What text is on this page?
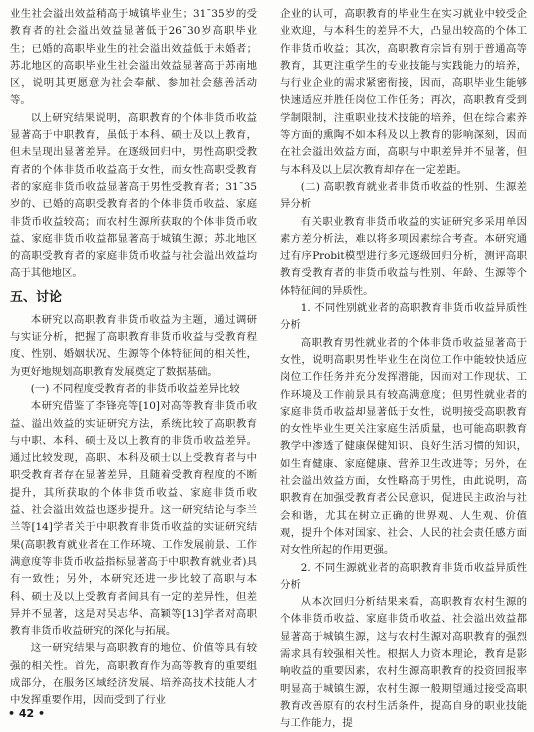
业生社会溢出效益稍高于城镇毕业生；31¯35岁的受教育者的社会溢出效益显著低于26¯30岁高职毕业生；已婚的高职毕业生的社会溢出效益低于未婚者；苏北地区的高职毕业生社会溢出效益显著高于苏南地区，说明其更愿意为社会奉献、参加社会慈善活动等。

以上研究结果说明，高职教育的个体非货币收益显著高于中职教育，虽低于本科、硕士及以上教育，但未呈现出显著差异。在逐级回归中，男性高职受教育者的个体非货币收益高于女性，而女性高职受教育者的家庭非货币收益显著高于男性受教育者；31¯35岁的、已婚的高职受教育者的个体非货币收益、家庭非货币收益较高；而农村生源所获取的个体非货币收益、家庭非货币收益都显著高于城镇生源；苏北地区的高职受教育者的家庭非货币收益与社会溢出效益均高于其他地区。

五、讨论

本研究以高职教育非货币收益为主题，通过调研与实证分析，把握了高职教育非货币收益与受教育程度、性别、婚姻状况、生源等个体特征间的相关性，为更好地规划高职教育发展奠定了数据基础。

(一) 不同程度受教育者的非货币收益差异比较

本研究借鉴了李锋亮等[10]对高等教育非货币收益、溢出效益的实证研究方法，系统比较了高职教育与中职、本科、硕士及以上教育的非货币收益差异。通过比较发现，高职、本科及硕士以上受教育者与中职受教育者存在显著差异，且随着受教育程度的不断提升，其所获取的个体非货币收益、家庭非货币收益、社会溢出效益也逐步提升。这一研究结论与李兰兰等[14]学者关于中职教育非货币收益的实证研究结果(高职教育就业者在工作环境、工作发展前景、工作满意度等非货币收益指标显著高于中职教育就业者)具有一致性；另外，本研究还进一步比较了高职与本科、硕士及以上受教育者间具有一定的差异性，但差异并不显著，这是对吴志华、高颖等[13]学者对高职教育非货币收益研究的深化与拓展。

这一研究结果与高职教育的地位、价值等具有较强的相关性。首先，高职教育作为高等教育的重要组成部分，在服务区域经济发展、培养高技术技能人才中发挥重要作用，因而受到了行业

企业的认可，高职教育的毕业生在实习就业中较受企业欢迎，与本科生的差异不大，凸显出较高的个体工作非货币收益；其次，高职教育宗旨有别于普通高等教育，其更注重学生的专业技能与实践能力的培养，与行业企业的需求紧密衔接，因而，高职毕业生能够快速适应并胜任岗位工作任务；再次，高职教育受到学制限制，注重职业技术技能的培养，但在综合素养等方面的熏陶不如本科及以上教育的影响深刻，因而在社会溢出效益方面，高职与中职差异并不显著，但与本科及以上层次教育却存在一定差距。

(二) 高职教育就业者非货币收益的性别、生源差异分析

有关职业教育非货币收益的实证研究多采用单因素方差分析法，难以将多项因素综合考查。本研究通过有序Probit模型进行多元逐级回归分析，测评高职教育受教育者的非货币收益与性别、年龄、生源等个体特征间的异质性。

1. 不同性别就业者的高职教育非货币收益异质性分析

高职教育男性就业者的个体非货币收益显著高于女性，说明高职男性毕业生在岗位工作中能较快适应岗位工作任务并充分发挥潜能，因而对工作现状、工作环境及工作前景具有较高满意度；但男性就业者的家庭非货币收益却显著低于女性，说明接受高职教育的女性毕业生更关注家庭生活质量，也可能高职教育教学中渗透了健康保健知识、良好生活习惯的知识，如生育健康、家庭健康、营养卫生改进等；另外，在社会溢出效益方面，女性略高于男性，由此说明，高职教育在加强受教育者公民意识，促进民主政治与社会和谐，尤其在树立正确的世界观、人生观、价值观，提升个体对国家、社会、人民的社会责任感方面对女性所起的作用更强。

2. 不同生源就业者的高职教育非货币收益异质性分析

从本次回归分析结果来看，高职教育农村生源的个体非货币收益、家庭非货币收益、社会溢出效益都显著高于城镇生源，这与农村生源对高职教育的强烈需求具有较强相关性。根据人力资本理论，教育是影响收益的重要因素，农村生源高职教育的投资回报率明显高于城镇生源，农村生源一般期望通过接受高职教育改善原有的农村生活条件，提高自身的职业技能与工作能力，提

• 42 •
